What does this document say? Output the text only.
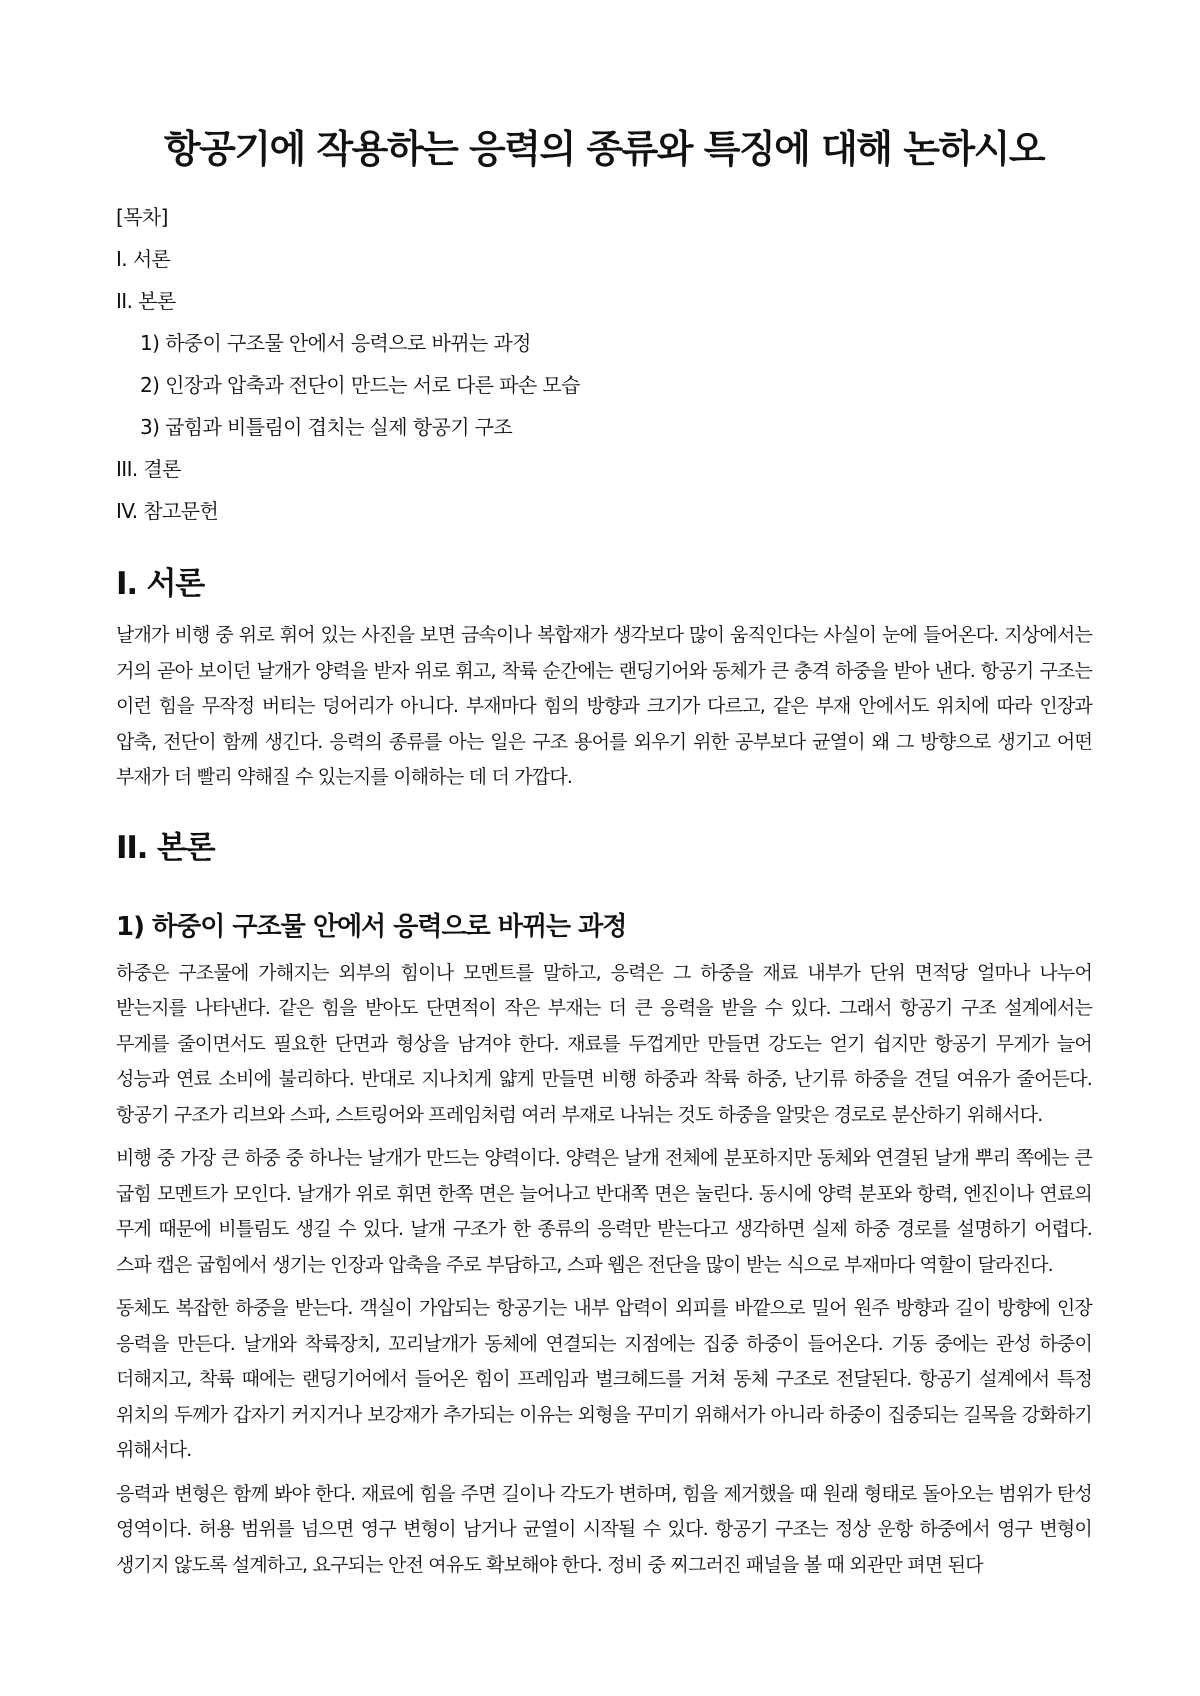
항공기에 작용하는 응력의 종류와 특징에 대해 논하시오
[목차]
I. 서론
II. 본론
1) 하중이 구조물 안에서 응력으로 바뀌는 과정
2) 인장과 압축과 전단이 만드는 서로 다른 파손 모습
3) 굽힘과 비틀림이 겹치는 실제 항공기 구조
III. 결론
IV. 참고문헌
I. 서론

날개가 비행 중 위로 휘어 있는 사진을 보면 금속이나 복합재가 생각보다 많이 움직인다는 사실이 눈에 들어온다. 지상에서는 거의 곧아 보이던 날개가 양력을 받자 위로 휘고, 착륙 순간에는 랜딩기어와 동체가 큰 충격 하중을 받아 낸다. 항공기 구조는 이런 힘을 무작정 버티는 덩어리가 아니다. 부재마다 힘의 방향과 크기가 다르고, 같은 부재 안에서도 위치에 따라 인장과 압축, 전단이 함께 생긴다. 응력의 종류를 아는 일은 구조 용어를 외우기 위한 공부보다 균열이 왜 그 방향으로 생기고 어떤 부재가 더 빨리 약해질 수 있는지를 이해하는 데 더 가깝다.

II. 본론
1) 하중이 구조물 안에서 응력으로 바뀌는 과정

하중은 구조물에 가해지는 외부의 힘이나 모멘트를 말하고, 응력은 그 하중을 재료 내부가 단위 면적당 얼마나 나누어 받는지를 나타낸다. 같은 힘을 받아도 단면적이 작은 부재는 더 큰 응력을 받을 수 있다. 그래서 항공기 구조 설계에서는 무게를 줄이면서도 필요한 단면과 형상을 남겨야 한다. 재료를 두껍게만 만들면 강도는 얻기 쉽지만 항공기 무게가 늘어 성능과 연료 소비에 불리하다. 반대로 지나치게 얇게 만들면 비행 하중과 착륙 하중, 난기류 하중을 견딜 여유가 줄어든다. 항공기 구조가 리브와 스파, 스트링어와 프레임처럼 여러 부재로 나뉘는 것도 하중을 알맞은 경로로 분산하기 위해서다.

비행 중 가장 큰 하중 중 하나는 날개가 만드는 양력이다. 양력은 날개 전체에 분포하지만 동체와 연결된 날개 뿌리 쪽에는 큰 굽힘 모멘트가 모인다. 날개가 위로 휘면 한쪽 면은 늘어나고 반대쪽 면은 눌린다. 동시에 양력 분포와 항력, 엔진이나 연료의 무게 때문에 비틀림도 생길 수 있다. 날개 구조가 한 종류의 응력만 받는다고 생각하면 실제 하중 경로를 설명하기 어렵다. 스파 캡은 굽힘에서 생기는 인장과 압축을 주로 부담하고, 스파 웹은 전단을 많이 받는 식으로 부재마다 역할이 달라진다.

동체도 복잡한 하중을 받는다. 객실이 가압되는 항공기는 내부 압력이 외피를 바깥으로 밀어 원주 방향과 길이 방향에 인장 응력을 만든다. 날개와 착륙장치, 꼬리날개가 동체에 연결되는 지점에는 집중 하중이 들어온다. 기동 중에는 관성 하중이 더해지고, 착륙 때에는 랜딩기어에서 들어온 힘이 프레임과 벌크헤드를 거쳐 동체 구조로 전달된다. 항공기 설계에서 특정 위치의 두께가 갑자기 커지거나 보강재가 추가되는 이유는 외형을 꾸미기 위해서가 아니라 하중이 집중되는 길목을 강화하기 위해서다.

응력과 변형은 함께 봐야 한다. 재료에 힘을 주면 길이나 각도가 변하며, 힘을 제거했을 때 원래 형태로 돌아오는 범위가 탄성 영역이다. 허용 범위를 넘으면 영구 변형이 남거나 균열이 시작될 수 있다. 항공기 구조는 정상 운항 하중에서 영구 변형이 생기지 않도록 설계하고, 요구되는 안전 여유도 확보해야 한다. 정비 중 찌그러진 패널을 볼 때 외관만 펴면 된다
